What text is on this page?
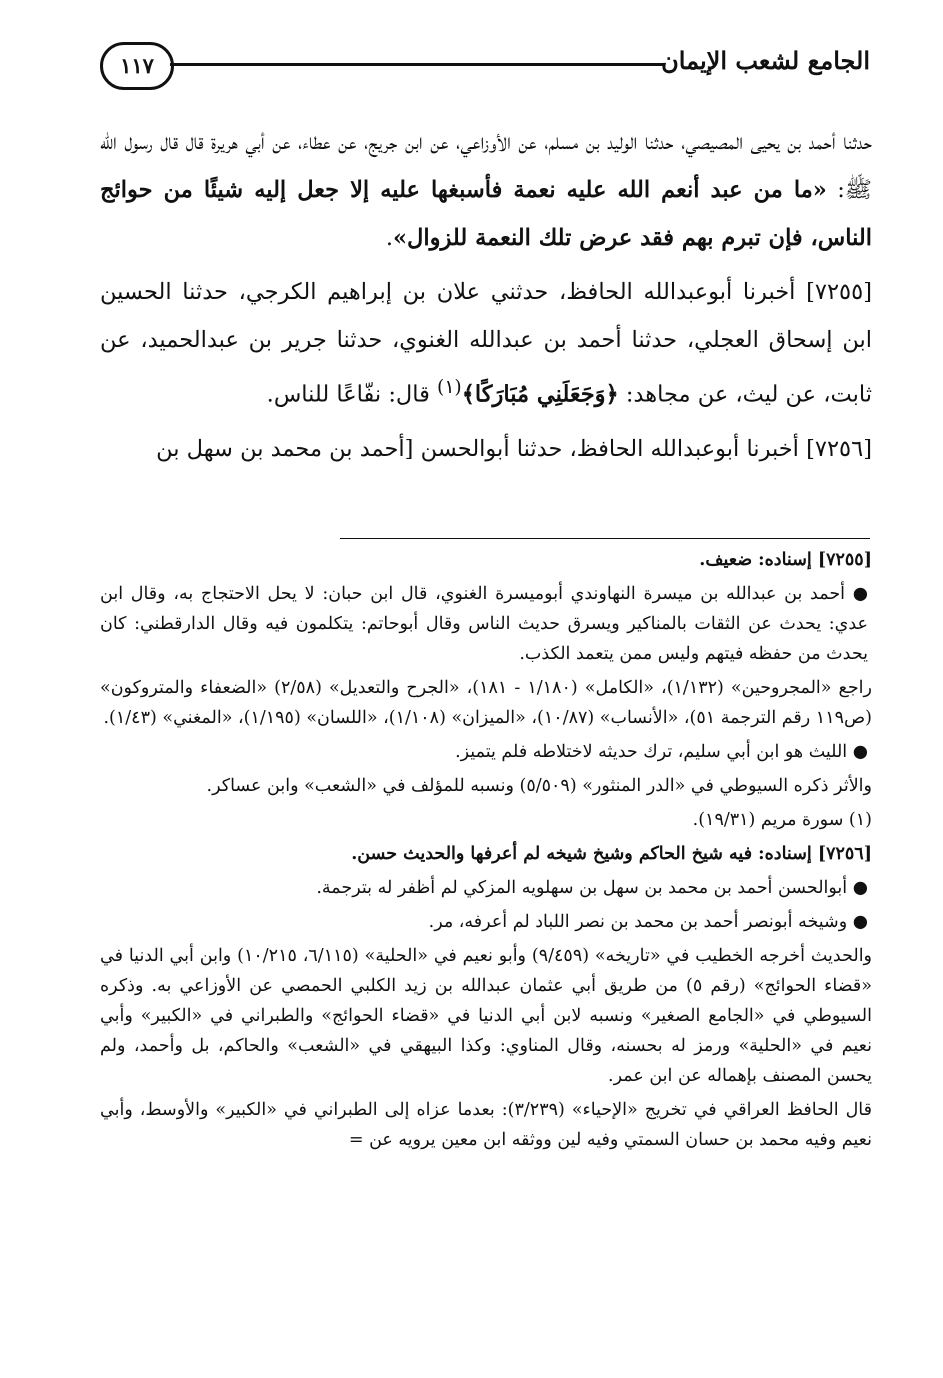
١١٧	الجامع لشعب الإيمان

حدثنا أحمد بن يحيى المصيصي، حدثنا الوليد بن مسلم، عن الأوزاعي، عن ابن جريج، عن عطاء، عن أبي هريرة قال قال رسول الله ﷺ: «ما من عبد أنعم الله عليه نعمة فأسبغها عليه إلا جعل إليه شيئًا من حوائج الناس، فإن تبرم بهم فقد عرض تلك النعمة للزوال».

[٧٢٥٥] أخبرنا أبوعبدالله الحافظ، حدثني علان بن إبراهيم الكرجي، حدثنا الحسين ابن إسحاق العجلي، حدثنا أحمد بن عبدالله الغنوي، حدثنا جرير بن عبدالحميد، عن ثابت، عن ليث، عن مجاهد: ﴿وَجَعَلَنِي مُبَارَكًا﴾$^{(١)}$ قال: نفّاعًا للناس.

[٧٢٥٦] أخبرنا أبوعبدالله الحافظ، حدثنا أبوالحسن [أحمد بن محمد بن سهل بن

[٧٢٥٥] إسناده: ضعيف.

● أحمد بن عبدالله بن ميسرة النهاوندي أبوميسرة الغنوي، قال ابن حبان: لا يحل الاحتجاج به، وقال ابن عدي: يحدث عن الثقات بالمناكير ويسرق حديث الناس وقال أبوحاتم: يتكلمون فيه وقال الدارقطني: كان يحدث من حفظه فيتهم وليس ممن يتعمد الكذب.

راجع «المجروحين» (١/١٣٢)، «الكامل» (١/١٨٠ - ١٨١)، «الجرح والتعديل» (٢/٥٨) «الضعفاء والمتروكون» (ص١١٩ رقم الترجمة ٥١)، «الأنساب» (١٠/٨٧)، «الميزان» (١/١٠٨)، «اللسان» (١/١٩٥)، «المغني» (١/٤٣).

● الليث هو ابن أبي سليم، ترك حديثه لاختلاطه فلم يتميز.

والأثر ذكره السيوطي في «الدر المنثور» (٥/٥٠٩) ونسبه للمؤلف في «الشعب» وابن عساكر.

(١) سورة مريم (١٩/٣١).

[٧٢٥٦] إسناده: فيه شيخ الحاكم وشيخ شيخه لم أعرفها والحديث حسن.

● أبوالحسن أحمد بن محمد بن سهل بن سهلويه المزكي لم أظفر له بترجمة.

● وشيخه أبونصر أحمد بن محمد بن نصر اللباد لم أعرفه، مر.

والحديث أخرجه الخطيب في «تاريخه» (٩/٤٥٩) وأبو نعيم في «الحلية» (٦/١١٥، ١٠/٢١٥) وابن أبي الدنيا في «قضاء الحوائج» (رقم ٥) من طريق أبي عثمان عبدالله بن زيد الكلبي الحمصي عن الأوزاعي به. وذكره السيوطي في «الجامع الصغير» ونسبه لابن أبي الدنيا في «قضاء الحوائج» والطبراني في «الكبير» وأبي نعيم في «الحلية» ورمز له بحسنه، وقال المناوي: وكذا البيهقي في «الشعب» والحاكم، بل وأحمد، ولم يحسن المصنف بإهماله عن ابن عمر.

قال الحافظ العراقي في تخريج «الإحياء» (٣/٢٣٩): بعدما عزاه إلى الطبراني في «الكبير» والأوسط، وأبي نعيم وفيه محمد بن حسان السمتي وفيه لين ووثقه ابن معين يرويه عن =
